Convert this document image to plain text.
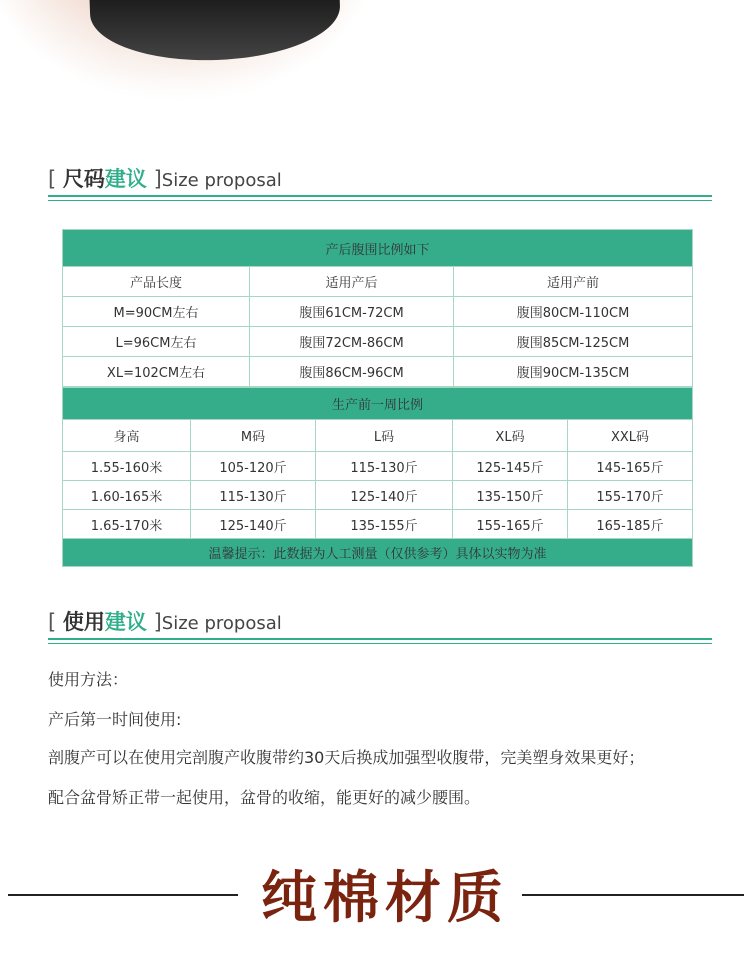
[ 尺码建议 ]Size proposal
产后腹围比例如下		
产品长度	适用产后	适用产前
M=90CM左右	腹围61CM-72CM	腹围80CM-110CM
L=96CM左右	腹围72CM-86CM	腹围85CM-125CM
XL=102CM左右	腹围86CM-96CM	腹围90CM-135CM
生产前一周比例				
身高	M码	L码	XL码	XXL码
1.55-160米	105-120斤	115-130斤	125-145斤	145-165斤
1.60-165米	115-130斤	125-140斤	135-150斤	155-170斤
1.65-170米	125-140斤	135-155斤	155-165斤	165-185斤
温馨提示：此数据为人工测量（仅供参考）具体以实物为准				
[ 使用建议 ]Size proposal
使用方法：
产后第一时间使用:
剖腹产可以在使用完剖腹产收腹带约30天后换成加强型收腹带，完美塑身效果更好；
配合盆骨矫正带一起使用，盆骨的收缩，能更好的减少腰围。
纯棉材质
